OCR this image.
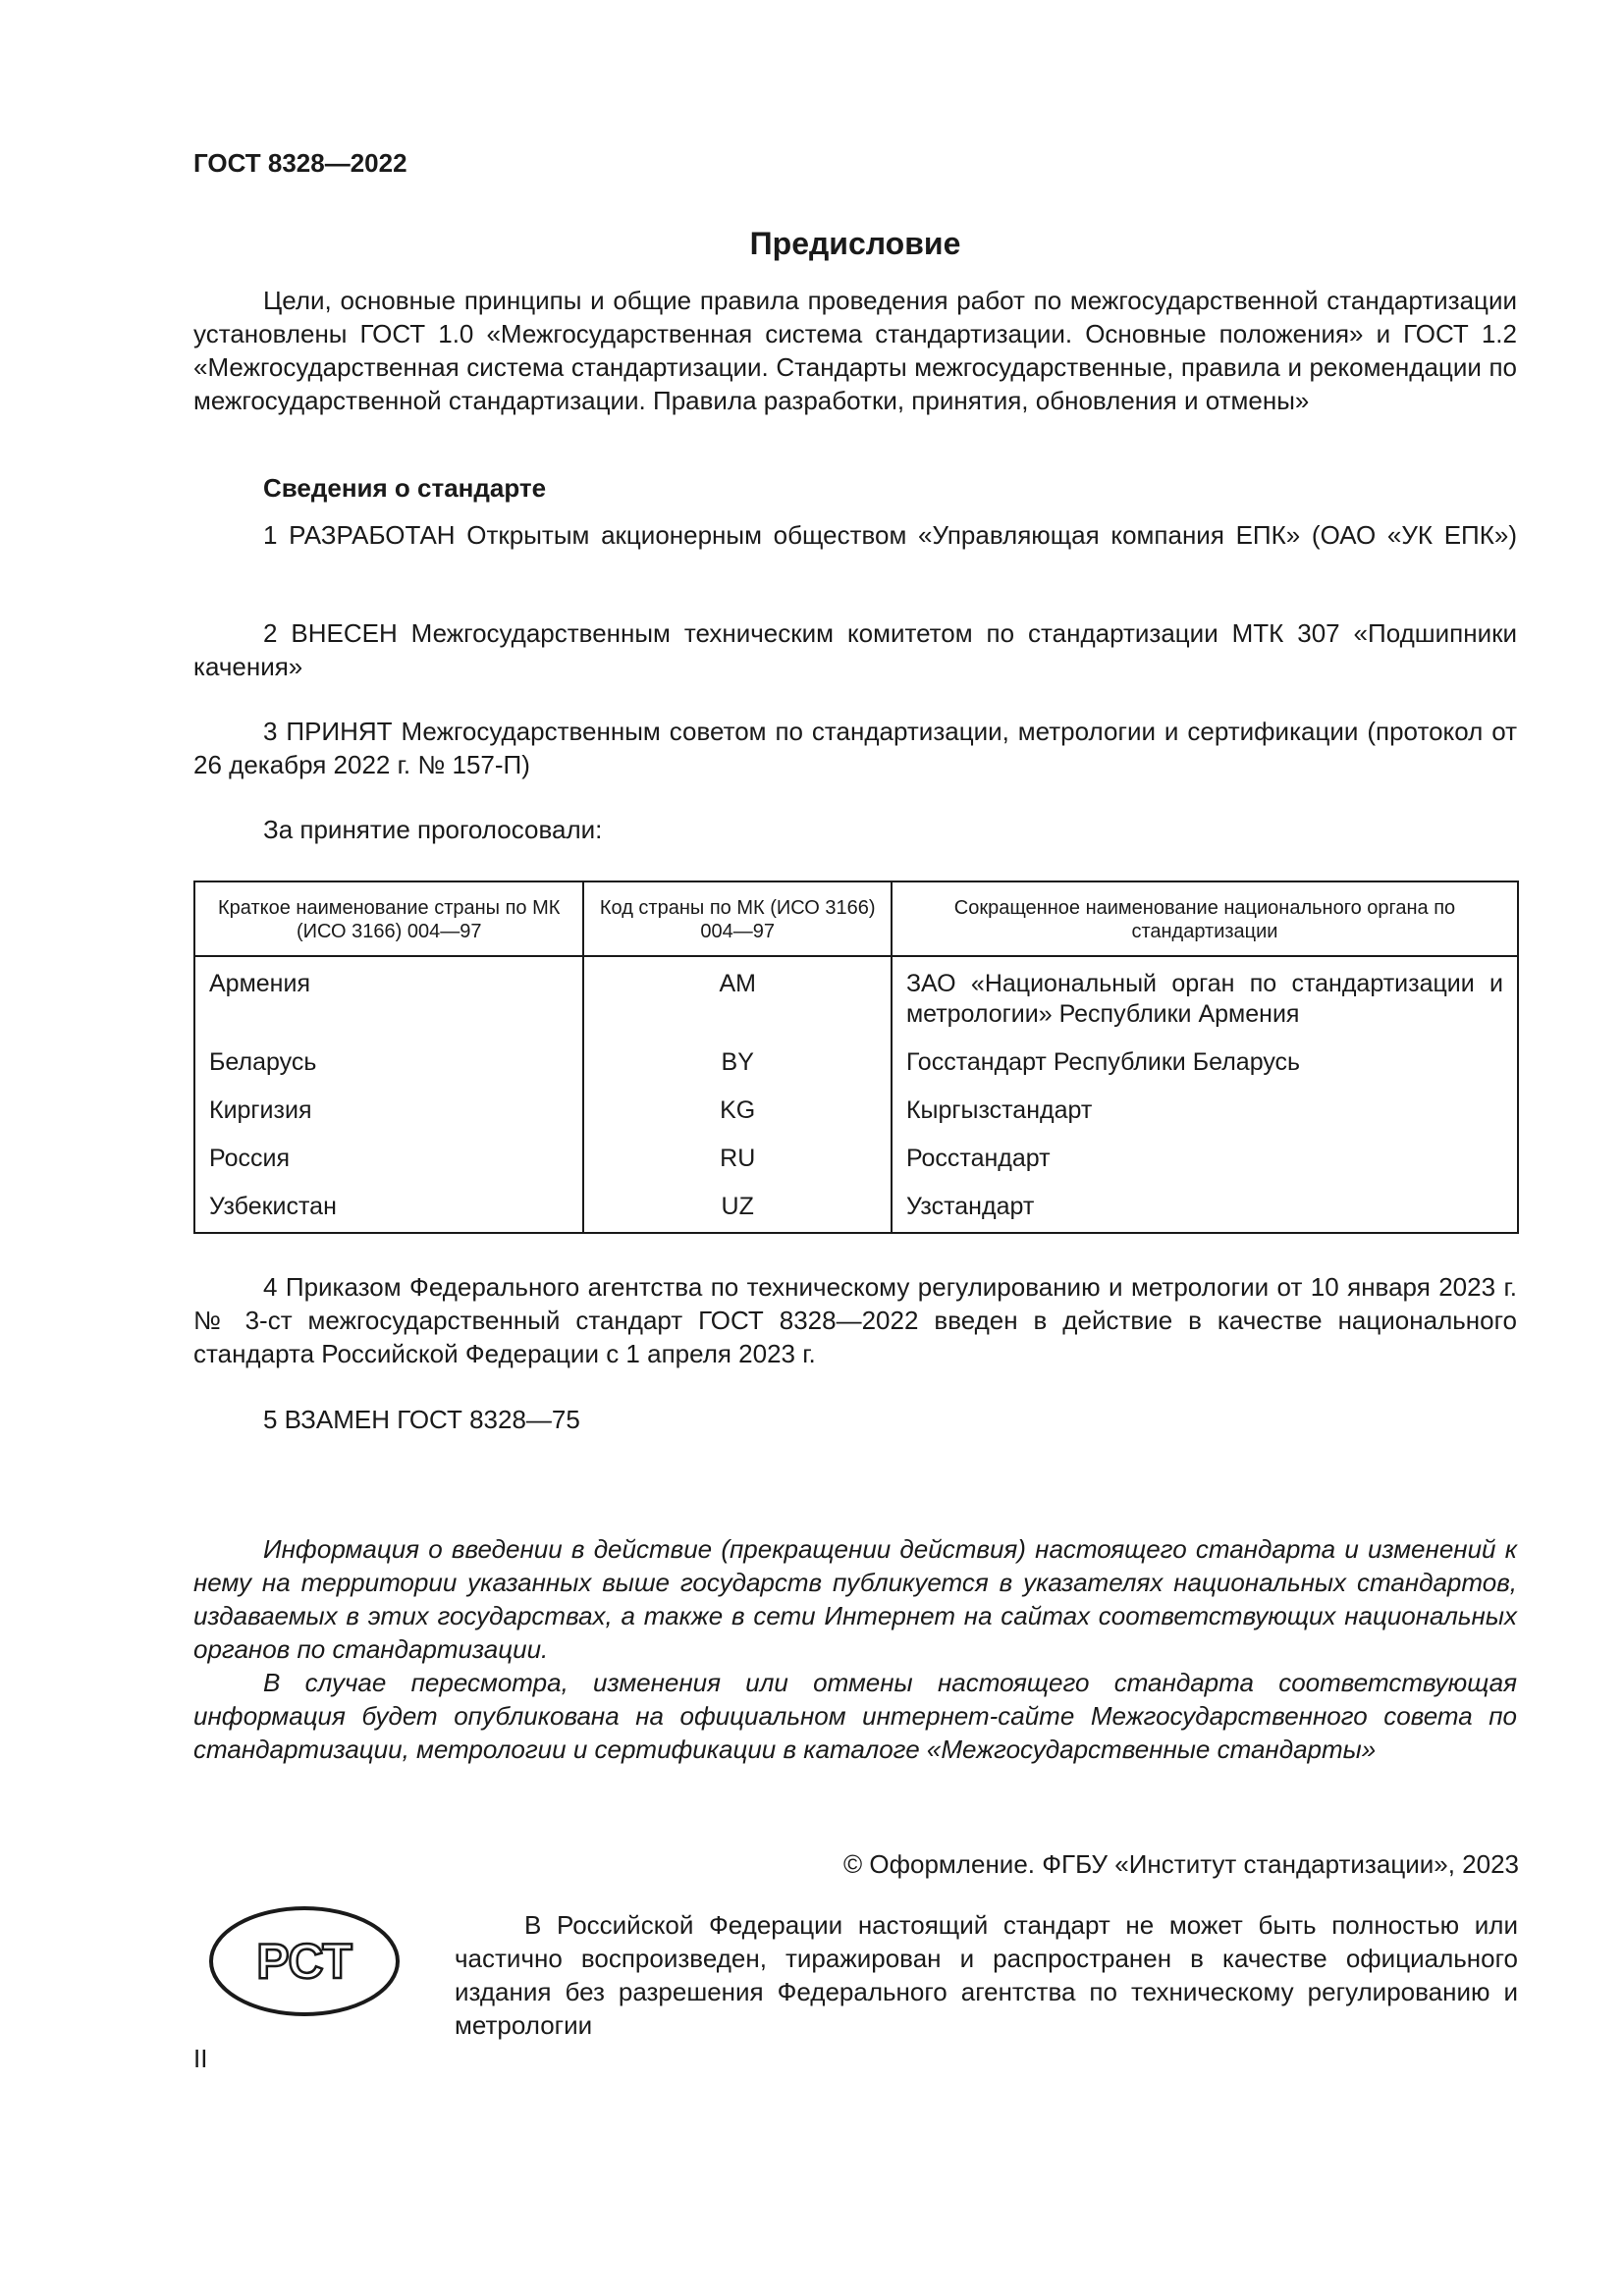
ГОСТ 8328—2022
Предисловие

Цели, основные принципы и общие правила проведения работ по межгосударственной стандартизации установлены ГОСТ 1.0 «Межгосударственная система стандартизации. Основные положения» и ГОСТ 1.2 «Межгосударственная система стандартизации. Стандарты межгосударственные, правила и рекомендации по межгосударственной стандартизации. Правила разработки, принятия, обновления и отмены»

Сведения о стандарте

1 РАЗРАБОТАН Открытым акционерным обществом «Управляющая компания ЕПК» (ОАО «УК ЕПК»)

2 ВНЕСЕН Межгосударственным техническим комитетом по стандартизации МТК 307 «Подшипники качения»

3 ПРИНЯТ Межгосударственным советом по стандартизации, метрологии и сертификации (протокол от 26 декабря 2022 г. № 157-П)

За принятие проголосовали:
Краткое наименование страны по МК (ИСО 3166) 004—97	Код страны по МК (ИСО 3166) 004—97	Сокращенное наименование национального органа по стандартизации
Армения	AM	ЗАО «Национальный орган по стандартизации и метрологии» Республики Армения
Беларусь	BY	Госстандарт Республики Беларусь
Киргизия	KG	Кыргызстандарт
Россия	RU	Росстандарт
Узбекистан	UZ	Узстандарт

4 Приказом Федерального агентства по техническому регулированию и метрологии от 10 января 2023 г. № 3-ст межгосударственный стандарт ГОСТ 8328—2022 введен в действие в качестве национального стандарта Российской Федерации с 1 апреля 2023 г.

5 ВЗАМЕН ГОСТ 8328—75

Информация о введении в действие (прекращении действия) настоящего стандарта и изменений к нему на территории указанных выше государств публикуется в указателях национальных стандартов, издаваемых в этих государствах, а также в сети Интернет на сайтах соответствующих национальных органов по стандартизации.

В случае пересмотра, изменения или отмены настоящего стандарта соответствующая информация будет опубликована на официальном интернет-сайте Межгосударственного совета по стандартизации, метрологии и сертификации в каталоге «Межгосударственные стандарты»

© Оформление. ФГБУ «Институт стандартизации», 2023
РСТ

В Российской Федерации настоящий стандарт не может быть полностью или частично воспроизведен, тиражирован и распространен в качестве официального издания без разрешения Федерального агентства по техническому регулированию и метрологии

II
